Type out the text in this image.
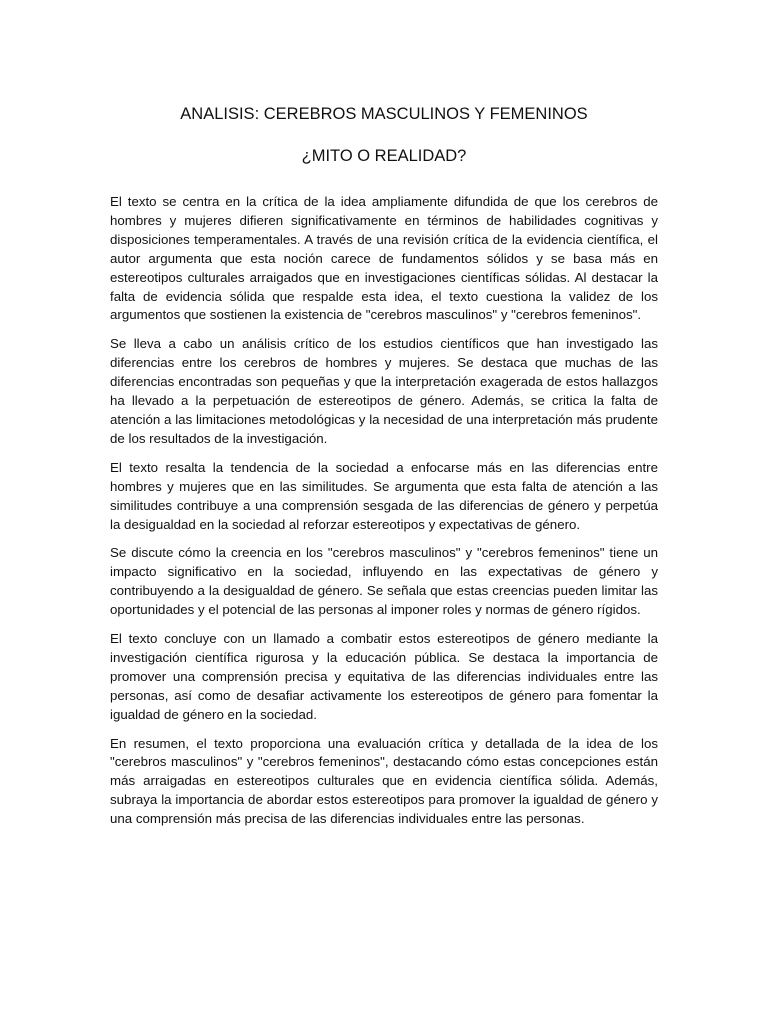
ANALISIS: CEREBROS MASCULINOS Y FEMENINOS
¿MITO O REALIDAD?

El texto se centra en la crítica de la idea ampliamente difundida de que los cerebros de hombres y mujeres difieren significativamente en términos de habilidades cognitivas y disposiciones temperamentales. A través de una revisión crítica de la evidencia científica, el autor argumenta que esta noción carece de fundamentos sólidos y se basa más en estereotipos culturales arraigados que en investigaciones científicas sólidas. Al destacar la falta de evidencia sólida que respalde esta idea, el texto cuestiona la validez de los argumentos que sostienen la existencia de "cerebros masculinos" y "cerebros femeninos".

Se lleva a cabo un análisis crítico de los estudios científicos que han investigado las diferencias entre los cerebros de hombres y mujeres. Se destaca que muchas de las diferencias encontradas son pequeñas y que la interpretación exagerada de estos hallazgos ha llevado a la perpetuación de estereotipos de género. Además, se critica la falta de atención a las limitaciones metodológicas y la necesidad de una interpretación más prudente de los resultados de la investigación.

El texto resalta la tendencia de la sociedad a enfocarse más en las diferencias entre hombres y mujeres que en las similitudes. Se argumenta que esta falta de atención a las similitudes contribuye a una comprensión sesgada de las diferencias de género y perpetúa la desigualdad en la sociedad al reforzar estereotipos y expectativas de género.

Se discute cómo la creencia en los "cerebros masculinos" y "cerebros femeninos" tiene un impacto significativo en la sociedad, influyendo en las expectativas de género y contribuyendo a la desigualdad de género. Se señala que estas creencias pueden limitar las oportunidades y el potencial de las personas al imponer roles y normas de género rígidos.

El texto concluye con un llamado a combatir estos estereotipos de género mediante la investigación científica rigurosa y la educación pública. Se destaca la importancia de promover una comprensión precisa y equitativa de las diferencias individuales entre las personas, así como de desafiar activamente los estereotipos de género para fomentar la igualdad de género en la sociedad.

En resumen, el texto proporciona una evaluación crítica y detallada de la idea de los "cerebros masculinos" y "cerebros femeninos", destacando cómo estas concepciones están más arraigadas en estereotipos culturales que en evidencia científica sólida. Además, subraya la importancia de abordar estos estereotipos para promover la igualdad de género y una comprensión más precisa de las diferencias individuales entre las personas.
